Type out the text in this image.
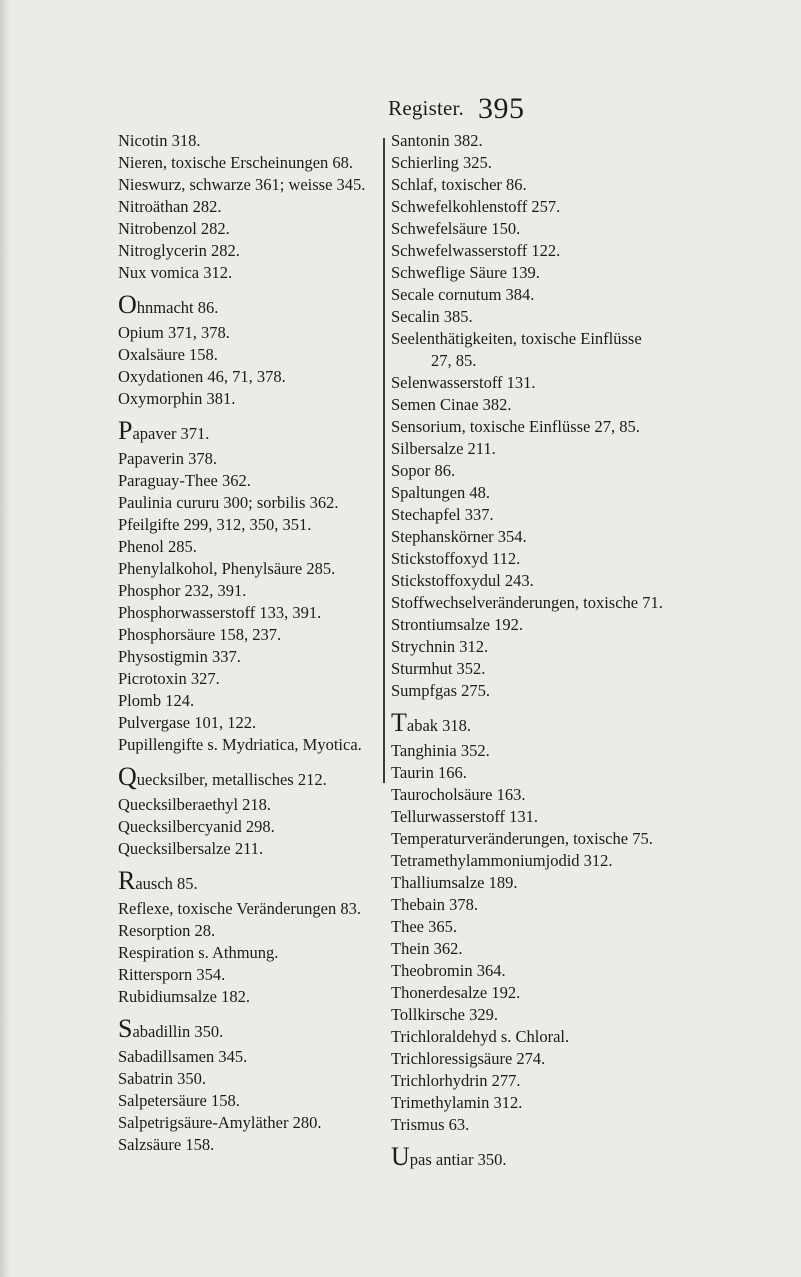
Register. 395
Nicotin 318.
Nieren, toxische Erscheinungen 68.
Nieswurz, schwarze 361; weisse 345.
Nitroäthan 282.
Nitrobenzol 282.
Nitroglycerin 282.
Nux vomica 312.
Ohnmacht 86.
Opium 371, 378.
Oxalsäure 158.
Oxydationen 46, 71, 378.
Oxymorphin 381.
Papaver 371.
Papaverin 378.
Paraguay-Thee 362.
Paulinia cururu 300; sorbilis 362.
Pfeilgifte 299, 312, 350, 351.
Phenol 285.
Phenylalkohol, Phenylsäure 285.
Phosphor 232, 391.
Phosphorwasserstoff 133, 391.
Phosphorsäure 158, 237.
Physostigmin 337.
Picrotoxin 327.
Plomb 124.
Pulvergase 101, 122.
Pupillengifte s. Mydriatica, Myotica.
Quecksilber, metallisches 212.
Quecksilberaethyl 218.
Quecksilbercyanid 298.
Quecksilbersalze 211.
Rausch 85.
Reflexe, toxische Veränderungen 83.
Resorption 28.
Respiration s. Athmung.
Rittersporn 354.
Rubidiumsalze 182.
Sabadillin 350.
Sabadillsamen 345.
Sabatrin 350.
Salpetersäure 158.
Salpetrigsäure-Amyläther 280.
Salzsäure 158.
Santonin 382.
Schierling 325.
Schlaf, toxischer 86.
Schwefelkohlenstoff 257.
Schwefelsäure 150.
Schwefelwasserstoff 122.
Schweflige Säure 139.
Secale cornutum 384.
Secalin 385.
Seelenthätigkeiten, toxische Einflüsse
27, 85.
Selenwasserstoff 131.
Semen Cinae 382.
Sensorium, toxische Einflüsse 27, 85.
Silbersalze 211.
Sopor 86.
Spaltungen 48.
Stechapfel 337.
Stephanskörner 354.
Stickstoffoxyd 112.
Stickstoffoxydul 243.
Stoffwechselveränderungen, toxische 71.
Strontiumsalze 192.
Strychnin 312.
Sturmhut 352.
Sumpfgas 275.
Tabak 318.
Tanghinia 352.
Taurin 166.
Taurocholsäure 163.
Tellurwasserstoff 131.
Temperaturveränderungen, toxische 75.
Tetramethylammoniumjodid 312.
Thalliumsalze 189.
Thebain 378.
Thee 365.
Thein 362.
Theobromin 364.
Thonerdesalze 192.
Tollkirsche 329.
Trichloraldehyd s. Chloral.
Trichloressigsäure 274.
Trichlorhydrin 277.
Trimethylamin 312.
Trismus 63.
Upas antiar 350.
